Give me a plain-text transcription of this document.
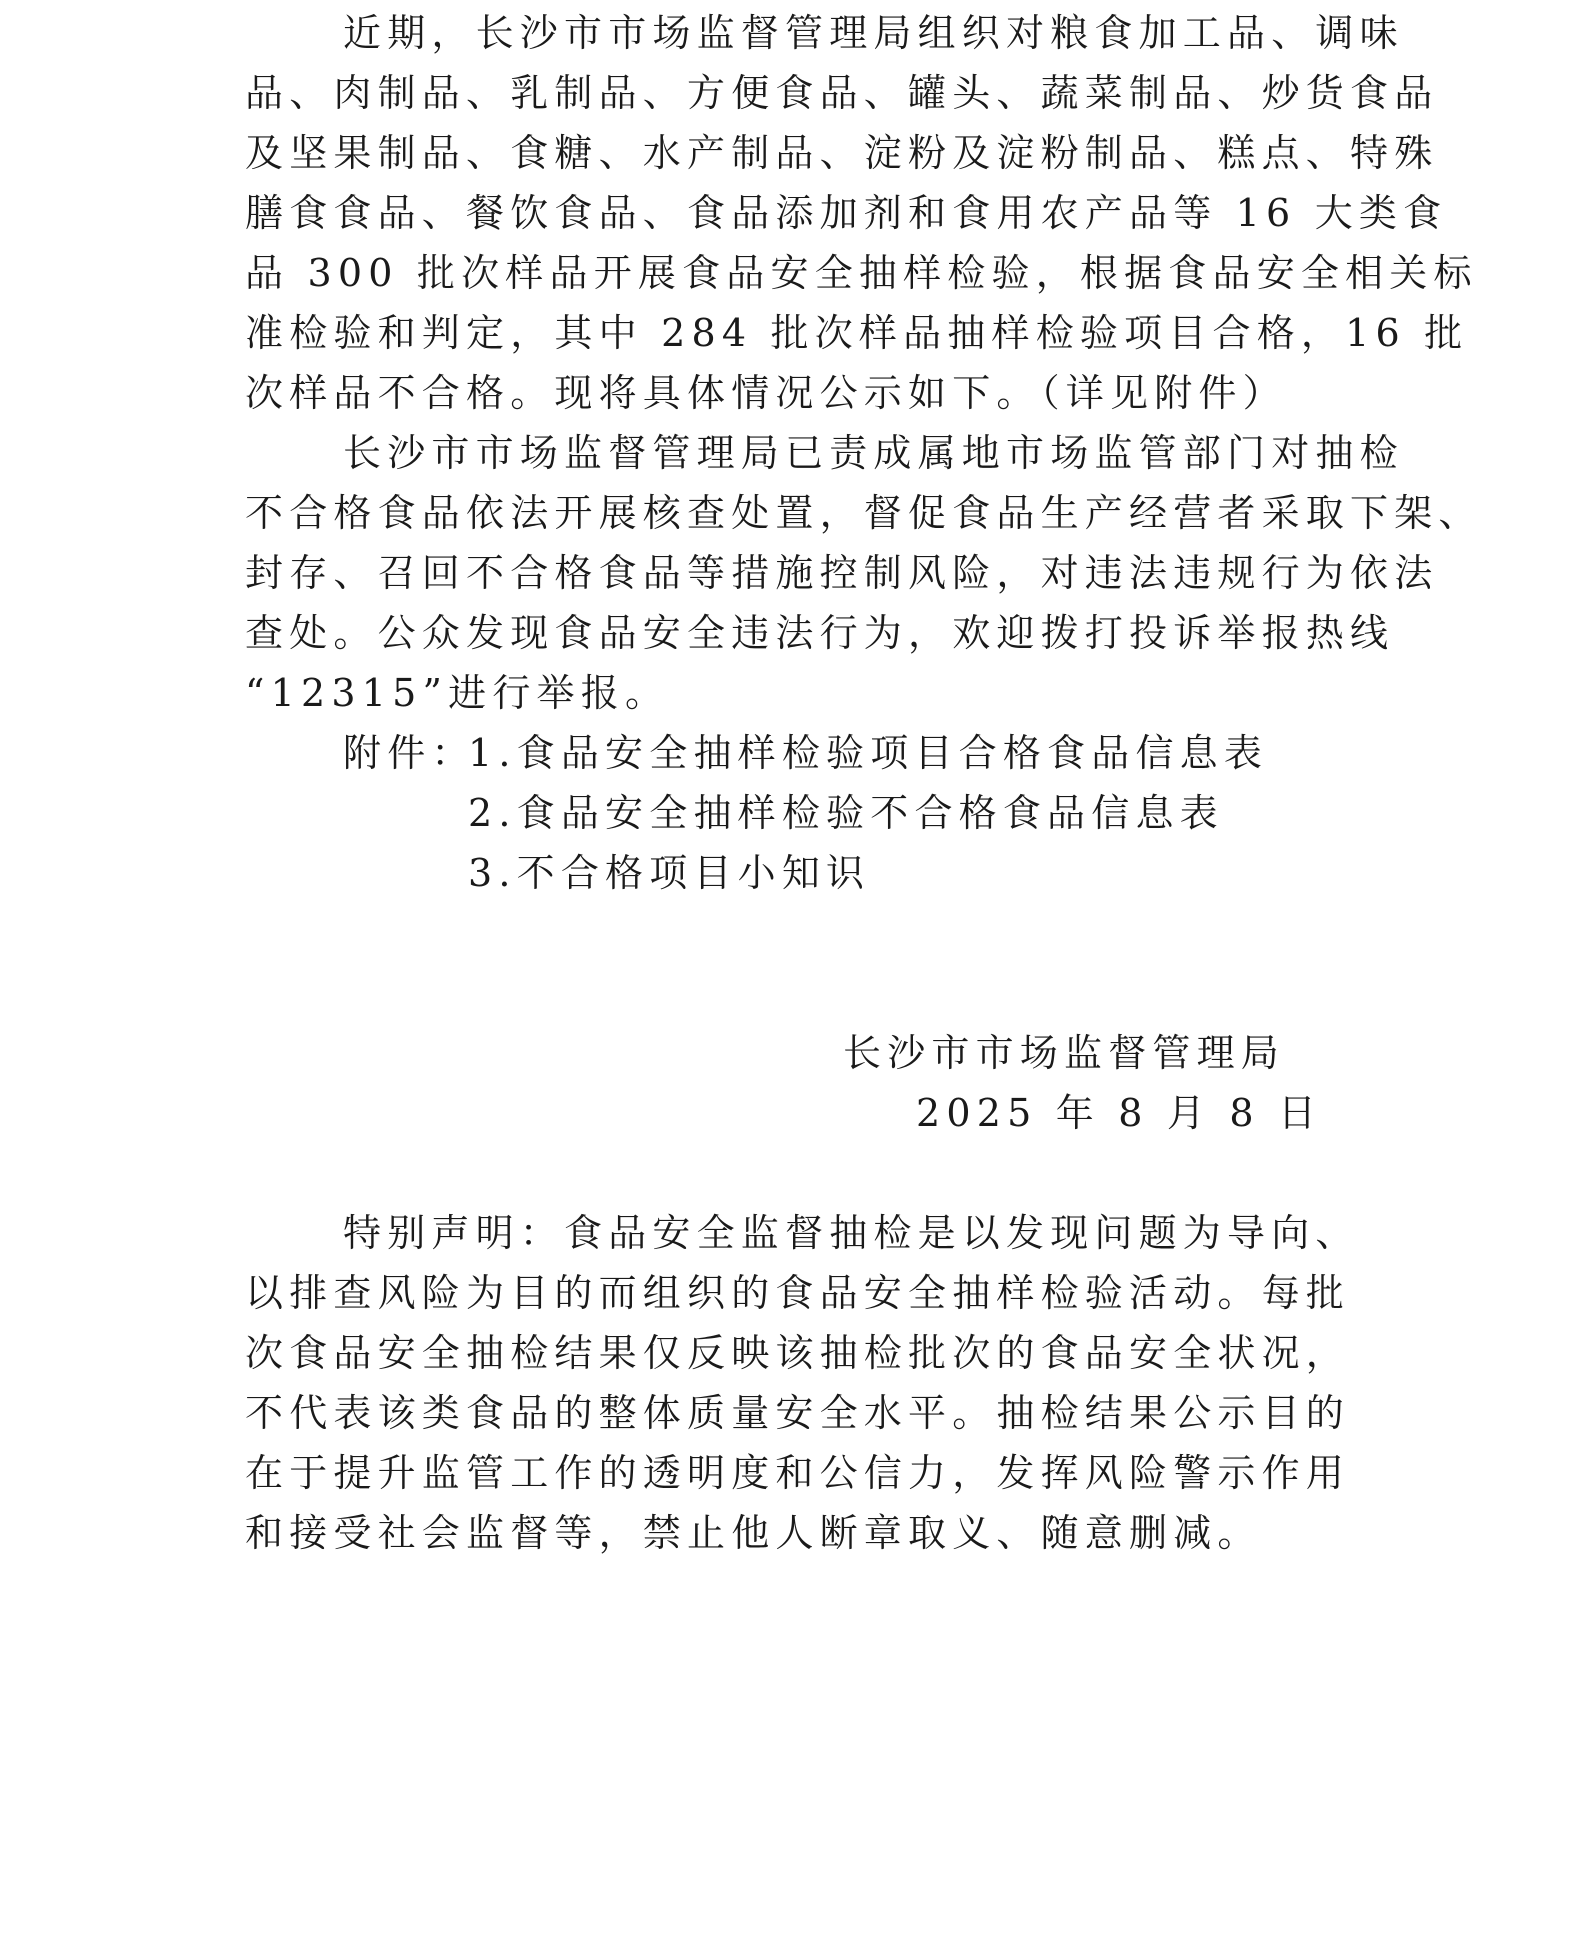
近期，长沙市市场监督管理局组织对粮食加工品、调味
品、肉制品、乳制品、方便食品、罐头、蔬菜制品、炒货食品
及坚果制品、食糖、水产制品、淀粉及淀粉制品、糕点、特殊
膳食食品、餐饮食品、食品添加剂和食用农产品等 16 大类食
品 300 批次样品开展食品安全抽样检验，根据食品安全相关标
准检验和判定，其中 284 批次样品抽样检验项目合格，16 批
次样品不合格。现将具体情况公示如下。（详见附件）
长沙市市场监督管理局已责成属地市场监管部门对抽检
不合格食品依法开展核查处置，督促食品生产经营者采取下架、
封存、召回不合格食品等措施控制风险，对违法违规行为依法
查处。公众发现食品安全违法行为，欢迎拨打投诉举报热线
“12315”进行举报。
附件：
1.食品安全抽样检验项目合格食品信息表
2.食品安全抽样检验不合格食品信息表
3.不合格项目小知识
长沙市市场监督管理局
2025 年 8 月 8 日
特别声明：食品安全监督抽检是以发现问题为导向、
以排查风险为目的而组织的食品安全抽样检验活动。每批
次食品安全抽检结果仅反映该抽检批次的食品安全状况，
不代表该类食品的整体质量安全水平。抽检结果公示目的
在于提升监管工作的透明度和公信力，发挥风险警示作用
和接受社会监督等，禁止他人断章取义、随意删减。
